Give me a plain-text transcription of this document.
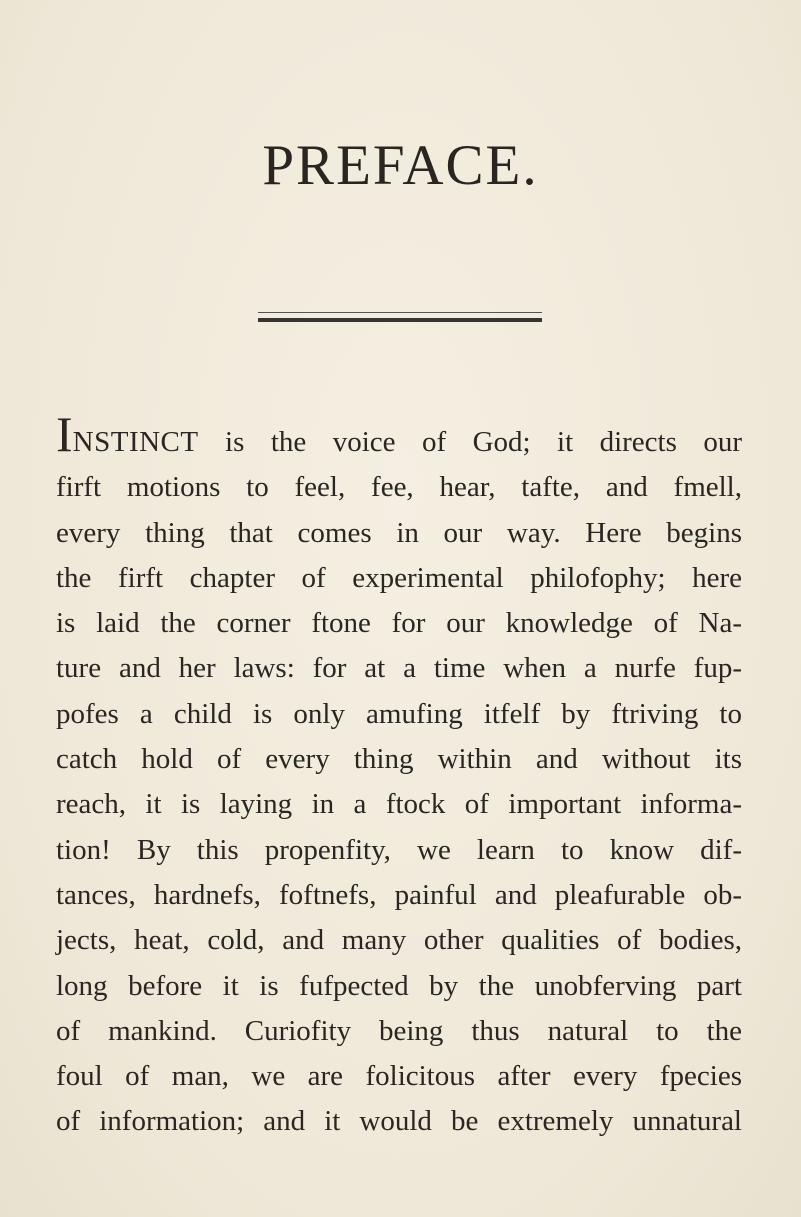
PREFACE.
INSTINCT is the voice of God; it directs our
firft motions to feel, fee, hear, tafte, and fmell,
every thing that comes in our way. Here begins
the firft chapter of experimental philofophy; here
is laid the corner ftone for our knowledge of Na-
ture and her laws: for at a time when a nurfe fup-
pofes a child is only amufing itfelf by ftriving to
catch hold of every thing within and without its
reach, it is laying in a ftock of important informa-
tion! By this propenfity, we learn to know dif-
tances, hardnefs, foftnefs, painful and pleafurable ob-
jects, heat, cold, and many other qualities of bodies,
long before it is fufpected by the unobferving part
of mankind. Curiofity being thus natural to the
foul of man, we are folicitous after every fpecies
of information; and it would be extremely unnatural
